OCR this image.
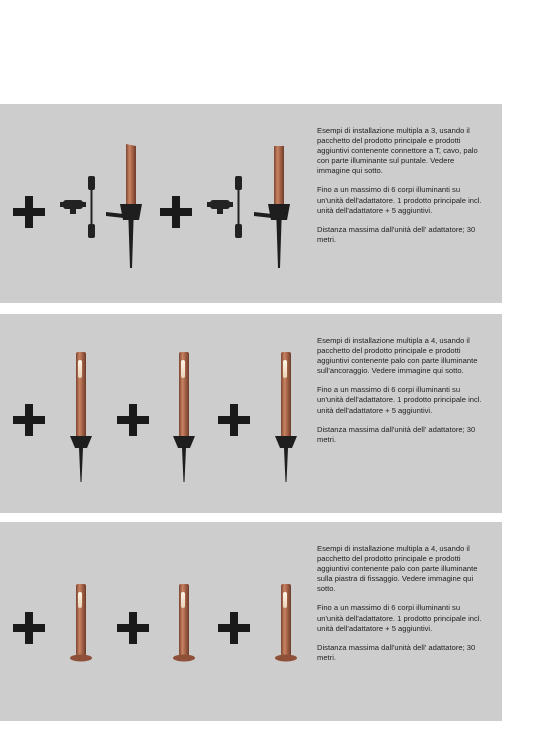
Esempi di installazione multipla a 3, usando il pacchetto del prodotto principale e prodotti aggiuntivi contenente connettore a T, cavo, palo con parte illuminante sul puntale. Vedere immagine qui sotto.

Fino a un massimo di 6 corpi illuminanti su un'unità dell'adattatore. 1 prodotto principale incl. unità dell'adattatore + 5 aggiuntivi.

Distanza massima dall'unità dell' adattatore; 30 metri.

Esempi di installazione multipla a 4, usando il pacchetto del prodotto principale e prodotti aggiuntivi contenente palo con parte illuminante sull'ancoraggio. Vedere immagine qui sotto.

Fino a un massimo di 6 corpi illuminanti su un'unità dell'adattatore. 1 prodotto principale incl. unità dell'adattatore + 5 aggiuntivi.

Distanza massima dall'unità dell' adattatore; 30 metri.

Esempi di installazione multipla a 4, usando il pacchetto del prodotto principale e prodotti aggiuntivi contenente palo con parte illuminante sulla piastra di fissaggio. Vedere immagine qui sotto.

Fino a un massimo di 6 corpi illuminanti su un'unità dell'adattatore. 1 prodotto principale incl. unità dell'adattatore + 5 aggiuntivi.

Distanza massima dall'unità dell' adattatore; 30 metri.
